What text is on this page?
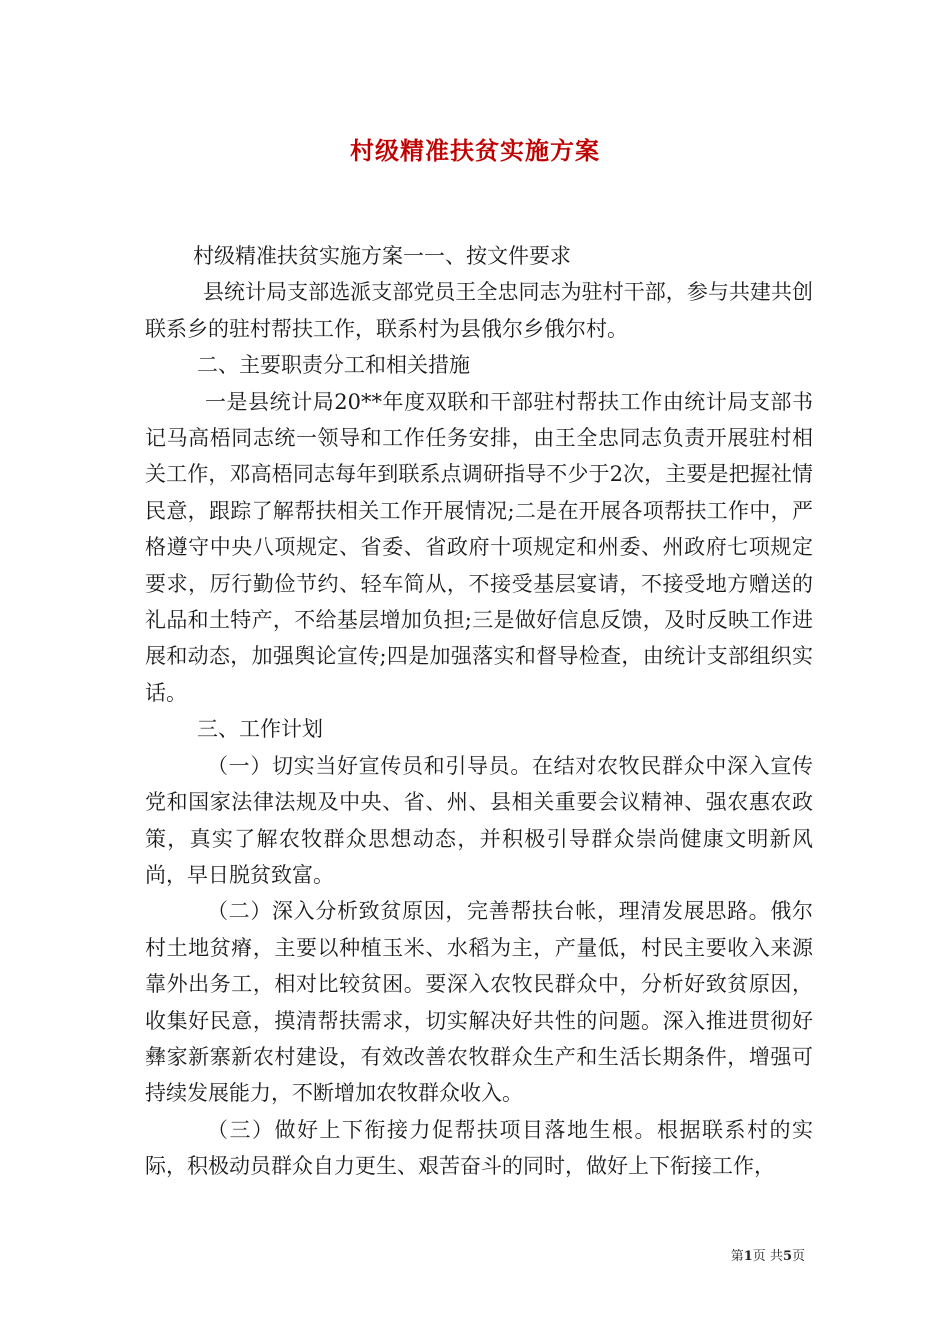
村级精准扶贫实施方案

村级精准扶贫实施方案一一、按文件要求

县统计局支部选派支部党员王全忠同志为驻村干部，参与共建共创联系乡的驻村帮扶工作，联系村为县俄尔乡俄尔村。

二、主要职责分工和相关措施

一是县统计局20**年度双联和干部驻村帮扶工作由统计局支部书记马高梧同志统一领导和工作任务安排，由王全忠同志负责开展驻村相关工作，邓高梧同志每年到联系点调研指导不少于2次，主要是把握社情民意，跟踪了解帮扶相关工作开展情况;二是在开展各项帮扶工作中，严格遵守中央八项规定、省委、省政府十项规定和州委、州政府七项规定要求，厉行勤俭节约、轻车简从，不接受基层宴请，不接受地方赠送的礼品和土特产，不给基层增加负担;三是做好信息反馈，及时反映工作进展和动态，加强舆论宣传;四是加强落实和督导检查，由统计支部组织实话。

三、工作计划

（一）切实当好宣传员和引导员。在结对农牧民群众中深入宣传党和国家法律法规及中央、省、州、县相关重要会议精神、强农惠农政策，真实了解农牧群众思想动态，并积极引导群众崇尚健康文明新风尚，早日脱贫致富。

（二）深入分析致贫原因，完善帮扶台帐，理清发展思路。俄尔村土地贫瘠，主要以种植玉米、水稻为主，产量低，村民主要收入来源靠外出务工，相对比较贫困。要深入农牧民群众中，分析好致贫原因，收集好民意，摸清帮扶需求，切实解决好共性的问题。深入推进贯彻好彝家新寨新农村建设，有效改善农牧群众生产和生活长期条件，增强可持续发展能力，不断增加农牧群众收入。

（三）做好上下衔接力促帮扶项目落地生根。根据联系村的实际，积极动员群众自力更生、艰苦奋斗的同时，做好上下衔接工作，

第1页 共5页
